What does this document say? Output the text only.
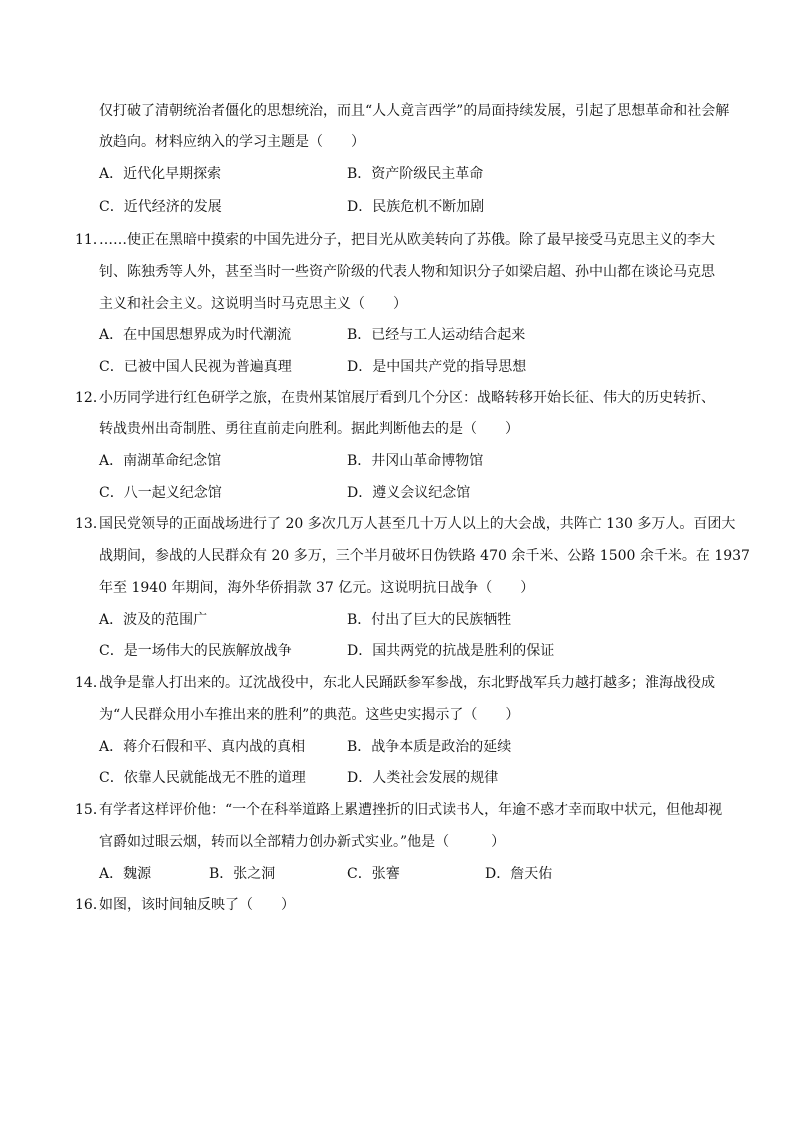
仅打破了清朝统治者僵化的思想统治，而且“人人竟言西学”的局面持续发展，引起了思想革命和社会解
放趋向。材料应纳入的学习主题是（　　）
A．近代化早期探索	B．资产阶级民主革命
C．近代经济的发展	D．民族危机不断加剧
11．
……使正在黑暗中摸索的中国先进分子，把目光从欧美转向了苏俄。除了最早接受马克思主义的李大
钊、陈独秀等人外，甚至当时一些资产阶级的代表人物和知识分子如梁启超、孙中山都在谈论马克思
主义和社会主义。这说明当时马克思主义（　　）
A．在中国思想界成为时代潮流	B．已经与工人运动结合起来
C．已被中国人民视为普遍真理	D．是中国共产党的指导思想
12．
小历同学进行红色研学之旅，在贵州某馆展厅看到几个分区：战略转移开始长征、伟大的历史转折、
转战贵州出奇制胜、勇往直前走向胜利。据此判断他去的是（　　）
A．南湖革命纪念馆	B．井冈山革命博物馆
C．八一起义纪念馆	D．遵义会议纪念馆
13．
国民党领导的正面战场进行了 20 多次几万人甚至几十万人以上的大会战，共阵亡 130 多万人。百团大
战期间，参战的人民群众有 20 多万，三个半月破坏日伪铁路 470 余千米、公路 1500 余千米。在 1937
年至 1940 年期间，海外华侨捐款 37 亿元。这说明抗日战争（　　）
A．波及的范围广	B．付出了巨大的民族牺牲
C．是一场伟大的民族解放战争	D．国共两党的抗战是胜利的保证
14．
战争是靠人打出来的。辽沈战役中，东北人民踊跃参军参战，东北野战军兵力越打越多；淮海战役成
为“人民群众用小车推出来的胜利”的典范。这些史实揭示了（　　）
A．蒋介石假和平、真内战的真相	B．战争本质是政治的延续
C．依靠人民就能战无不胜的道理	D．人类社会发展的规律
15．
有学者这样评价他：“一个在科举道路上累遭挫折的旧式读书人，年逾不惑才幸而取中状元，但他却视
官爵如过眼云烟，转而以全部精力创办新式实业。”他是（　　　）
A．魏源	B．张之洞	C．张謇	D．詹天佑
16．
如图，该时间轴反映了（　　）
